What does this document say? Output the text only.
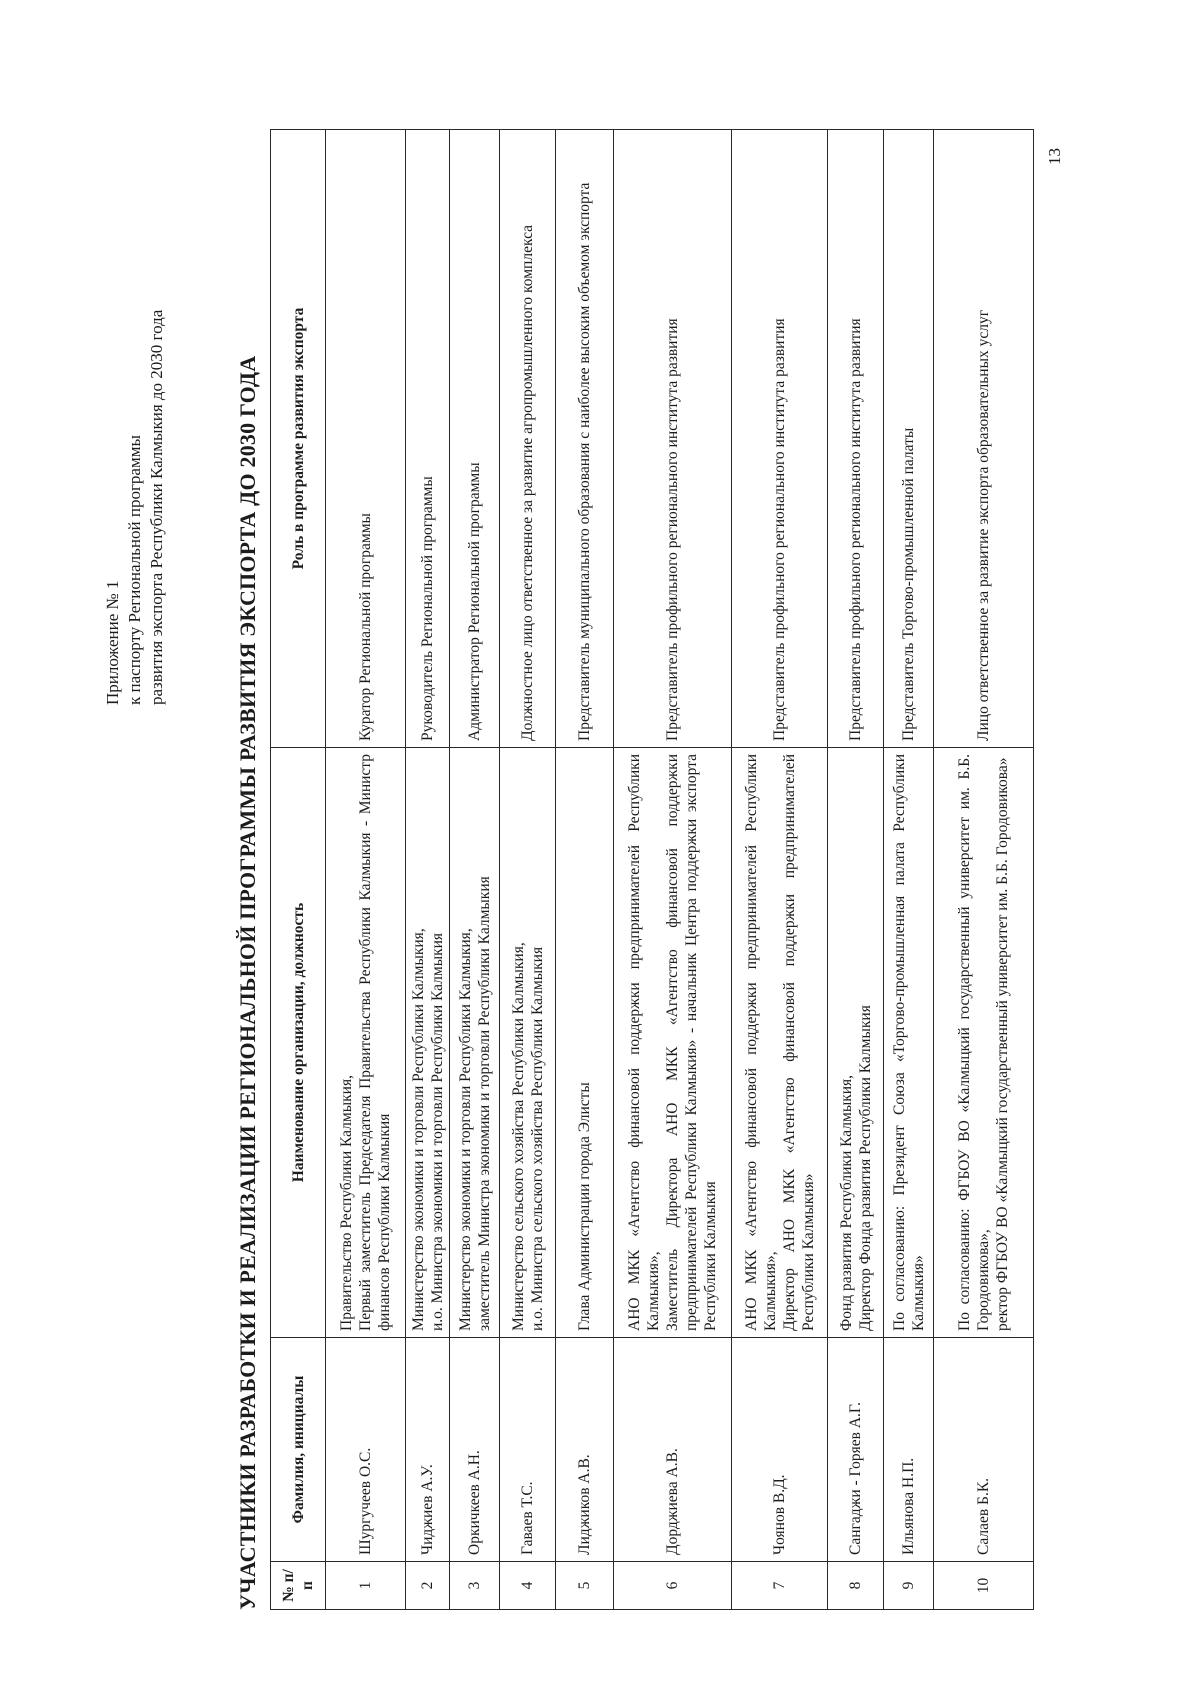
Приложение № 1 к паспорту Региональной программы развития экспорта Республики Калмыкия до 2030 года	УЧАСТНИКИ РАЗРАБОТКИ И РЕАЛИЗАЦИИ РЕГИОНАЛЬНОЙ ПРОГРАММЫ РАЗВИТИЯ ЭКСПОРТА ДО 2030 ГОДА № п/п	Фамилия, инициалы	Наименование организации, должность	Роль в программе развития экспорта
1	Шургучеев О.С.	Правительство Республики Калмыкия, Первый заместитель Председателя Правительства Республики Калмыкия - Министр финансов Республики Калмыкия	Куратор Региональной программы
2	Чиджиев А.У.	Министерство экономики и торговли Республики Калмыкия, и.о. Министра экономики и торговли Республики Калмыкия	Руководитель Региональной программы
3	Оркичкеев А.Н.	Министерство экономики и торговли Республики Калмыкия, заместитель Министра экономики и торговли Республики Калмыкия	Администратор Региональной программы
4	Гаваев Т.С.	Министерство сельского хозяйства Республики Калмыкия, и.о. Министра сельского хозяйства Республики Калмыкия	Должностное лицо ответственное за развитие агропромышленного комплекса
5	Лиджиков А.В.	Глава Администрации города Элисты	Представитель муниципального образования с наиболее высоким объемом экспорта
6	Дорджиева А.В.	АНО МКК «Агентство финансовой поддержки предпринимателей Республики Калмыкия», Заместитель Директора АНО МКК «Агентство финансовой поддержки предпринимателей Республики Калмыкия» - начальник Центра поддержки экспорта Республики Калмыкия	Представитель профильного регионального института развития
7	Чоянов В.Д.	АНО МКК «Агентство финансовой поддержки предпринимателей Республики Калмыкия», Директор АНО МКК «Агентство финансовой поддержки предпринимателей Республики Калмыкия»	Представитель профильного регионального института развития
8	Сангаджи - Горяев А.Г.	Фонд развития Республики Калмыкия, Директор Фонда развития Республики Калмыкия	Представитель профильного регионального института развития
9	Ильянова Н.П.	По согласованию: Президент Союза «Торгово-промышленная палата Республики Калмыкия»	Представитель Торгово-промышленной палаты
10	Салаев Б.К.	По согласованию: ФГБОУ ВО «Калмыцкий государственный университет им. Б.Б. Городовикова», ректор ФГБОУ ВО «Калмыцкий государственный университет им. Б.Б. Городовикова»	Лицо ответственное за развитие экспорта образовательных услуг
13
